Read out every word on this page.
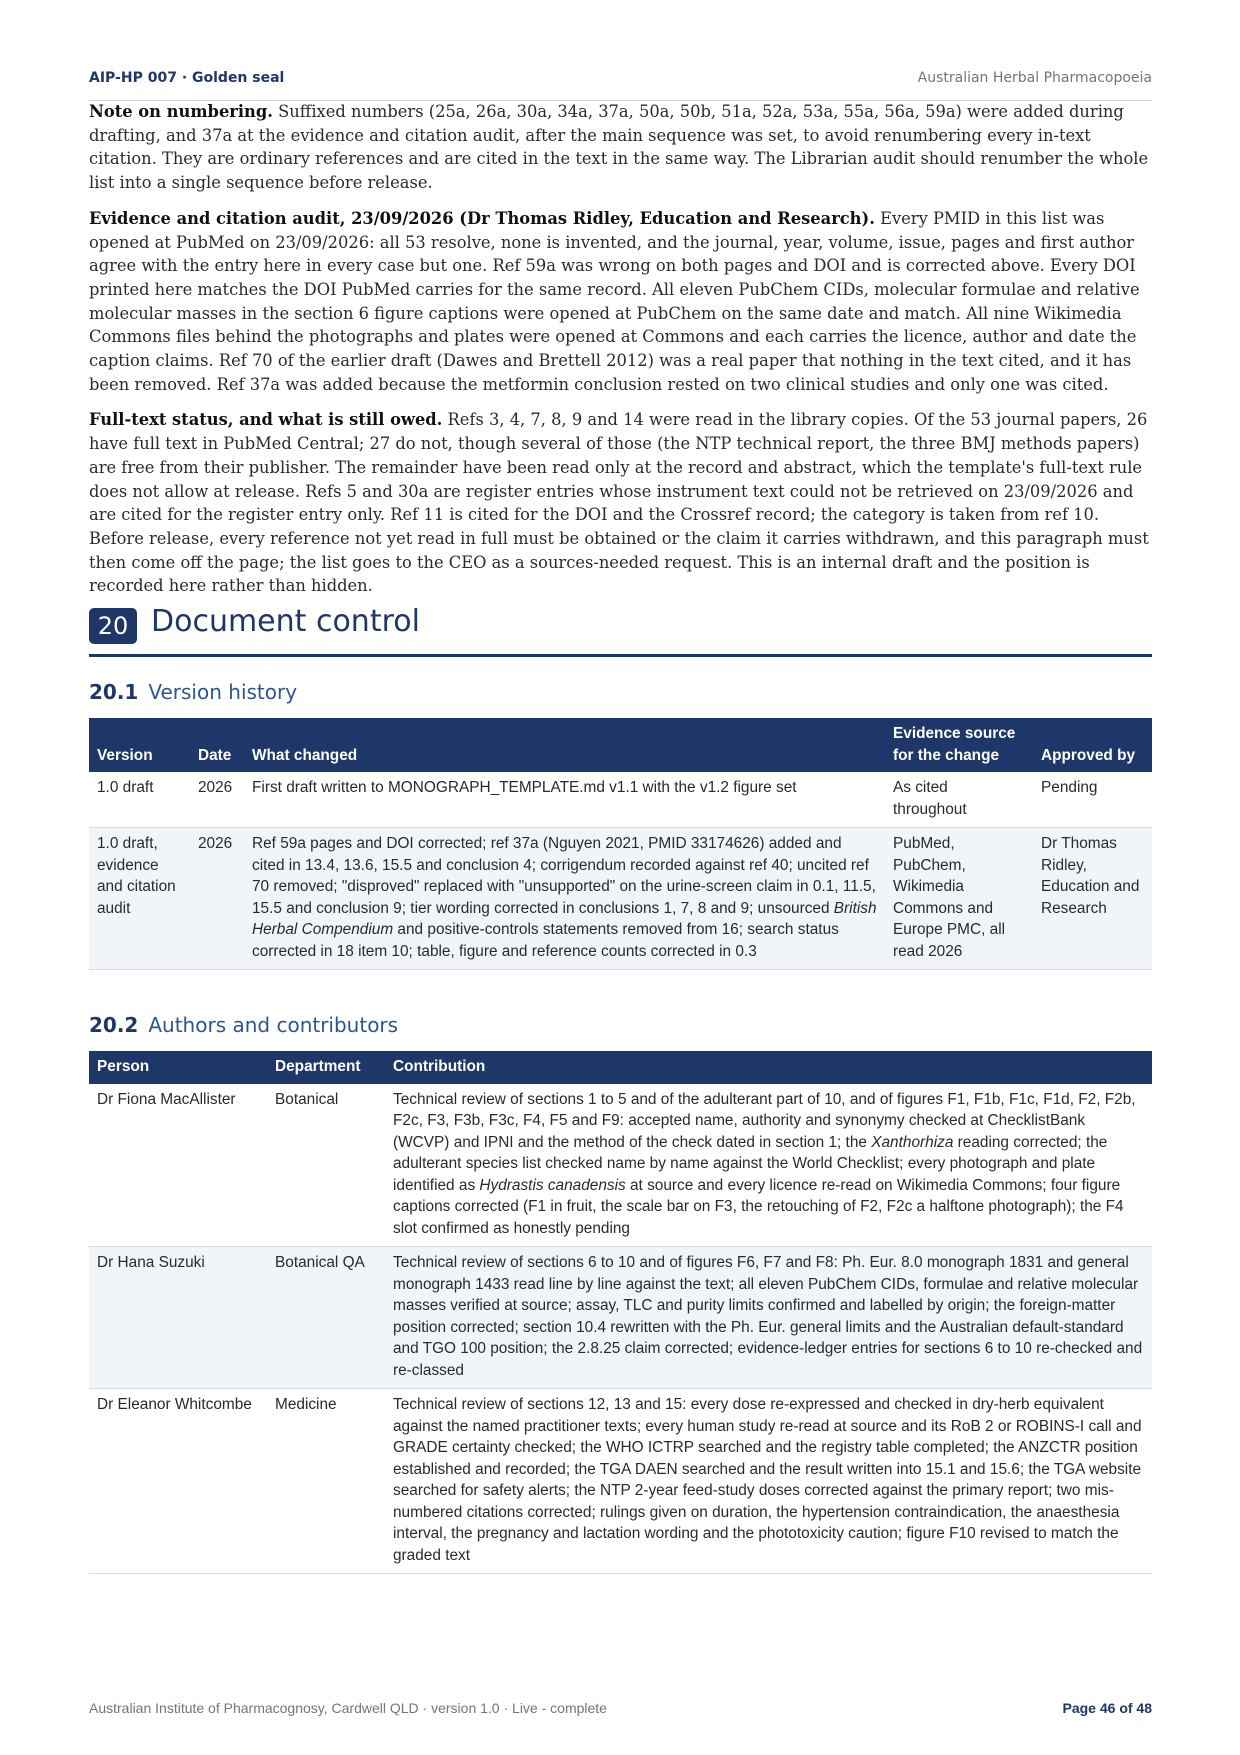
AIP-HP 007 · Golden seal	Australian Herbal Pharmacopoeia

Note on numbering. Suffixed numbers (25a, 26a, 30a, 34a, 37a, 50a, 50b, 51a, 52a, 53a, 55a, 56a, 59a) were added during drafting, and 37a at the evidence and citation audit, after the main sequence was set, to avoid renumbering every in-text citation. They are ordinary references and are cited in the text in the same way. The Librarian audit should renumber the whole list into a single sequence before release.

Evidence and citation audit, 23/09/2026 (Dr Thomas Ridley, Education and Research). Every PMID in this list was opened at PubMed on 23/09/2026: all 53 resolve, none is invented, and the journal, year, volume, issue, pages and first author agree with the entry here in every case but one. Ref 59a was wrong on both pages and DOI and is corrected above. Every DOI printed here matches the DOI PubMed carries for the same record. All eleven PubChem CIDs, molecular formulae and relative molecular masses in the section 6 figure captions were opened at PubChem on the same date and match. All nine Wikimedia Commons files behind the photographs and plates were opened at Commons and each carries the licence, author and date the caption claims. Ref 70 of the earlier draft (Dawes and Brettell 2012) was a real paper that nothing in the text cited, and it has been removed. Ref 37a was added because the metformin conclusion rested on two clinical studies and only one was cited.

Full-text status, and what is still owed. Refs 3, 4, 7, 8, 9 and 14 were read in the library copies. Of the 53 journal papers, 26 have full text in PubMed Central; 27 do not, though several of those (the NTP technical report, the three BMJ methods papers) are free from their publisher. The remainder have been read only at the record and abstract, which the template's full-text rule does not allow at release. Refs 5 and 30a are register entries whose instrument text could not be retrieved on 23/09/2026 and are cited for the register entry only. Ref 11 is cited for the DOI and the Crossref record; the category is taken from ref 10. Before release, every reference not yet read in full must be obtained or the claim it carries withdrawn, and this paragraph must then come off the page; the list goes to the CEO as a sources-needed request. This is an internal draft and the position is recorded here rather than hidden.

20 Document control
20.1 Version history
Version	Date	What changed	Evidence source for the change	Approved by
1.0 draft	2026	First draft written to MONOGRAPH_TEMPLATE.md v1.1 with the v1.2 figure set	As cited throughout	Pending
1.0 draft, evidence and citation audit	2026	Ref 59a pages and DOI corrected; ref 37a (Nguyen 2021, PMID 33174626) added and cited in 13.4, 13.6, 15.5 and conclusion 4; corrigendum recorded against ref 40; uncited ref 70 removed; "disproved" replaced with "unsupported" on the urine-screen claim in 0.1, 11.5, 15.5 and conclusion 9; tier wording corrected in conclusions 1, 7, 8 and 9; unsourced British Herbal Compendium and positive-controls statements removed from 16; search status corrected in 18 item 10; table, figure and reference counts corrected in 0.3	PubMed, PubChem, Wikimedia Commons and Europe PMC, all read 2026	Dr Thomas Ridley, Education and Research
20.2 Authors and contributors
Person	Department	Contribution
Dr Fiona MacAllister	Botanical	Technical review of sections 1 to 5 and of the adulterant part of 10, and of figures F1, F1b, F1c, F1d, F2, F2b, F2c, F3, F3b, F3c, F4, F5 and F9: accepted name, authority and synonymy checked at ChecklistBank (WCVP) and IPNI and the method of the check dated in section 1; the Xanthorhiza reading corrected; the adulterant species list checked name by name against the World Checklist; every photograph and plate identified as Hydrastis canadensis at source and every licence re-read on Wikimedia Commons; four figure captions corrected (F1 in fruit, the scale bar on F3, the retouching of F2, F2c a halftone photograph); the F4 slot confirmed as honestly pending
Dr Hana Suzuki	Botanical QA	Technical review of sections 6 to 10 and of figures F6, F7 and F8: Ph. Eur. 8.0 monograph 1831 and general monograph 1433 read line by line against the text; all eleven PubChem CIDs, formulae and relative molecular masses verified at source; assay, TLC and purity limits confirmed and labelled by origin; the foreign-matter position corrected; section 10.4 rewritten with the Ph. Eur. general limits and the Australian default-standard and TGO 100 position; the 2.8.25 claim corrected; evidence-ledger entries for sections 6 to 10 re-checked and re-classed
Dr Eleanor Whitcombe	Medicine	Technical review of sections 12, 13 and 15: every dose re-expressed and checked in dry-herb equivalent against the named practitioner texts; every human study re-read at source and its RoB 2 or ROBINS-I call and GRADE certainty checked; the WHO ICTRP searched and the registry table completed; the ANZCTR position established and recorded; the TGA DAEN searched and the result written into 15.1 and 15.6; the TGA website searched for safety alerts; the NTP 2-year feed-study doses corrected against the primary report; two mis-numbered citations corrected; rulings given on duration, the hypertension contraindication, the anaesthesia interval, the pregnancy and lactation wording and the phototoxicity caution; figure F10 revised to match the graded text
Australian Institute of Pharmacognosy, Cardwell QLD · version 1.0 · Live - complete	Page 46 of 48
